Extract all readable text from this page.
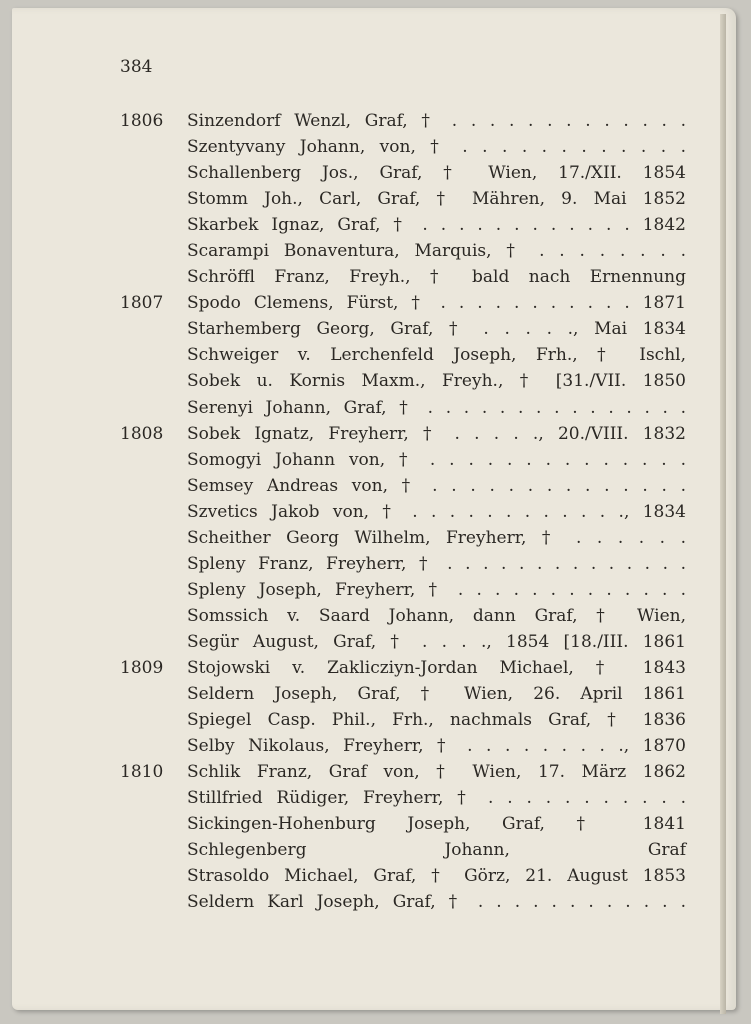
384
1806	Sinzendorf Wenzl, Graf, † . . . . . . . . . . . . .
Szentyvany Johann, von, † . . . . . . . . . . . .
Schallenberg Jos., Graf, † Wien, 17./XII. 1854
Stomm Joh., Carl, Graf, † Mähren, 9. Mai 1852
Skarbek Ignaz, Graf, † . . . . . . . . . . . . 1842
Scarampi Bonaventura, Marquis, † . . . . . . . .
Schröffl Franz, Freyh., † bald nach Ernennung
1807	Spodo Clemens, Fürst, † . . . . . . . . . . . 1871
Starhemberg Georg, Graf, † . . . . ., Mai 1834
Schweiger v. Lerchenfeld Joseph, Frh., † Ischl,
Sobek u. Kornis Maxm., Freyh., † [31./VII. 1850
Serenyi Johann, Graf, † . . . . . . . . . . . . . . .
1808	Sobek Ignatz, Freyherr, † . . . . ., 20./VIII. 1832
Somogyi Johann von, † . . . . . . . . . . . . . .
Semsey Andreas von, † . . . . . . . . . . . . . .
Szvetics Jakob von, † . . . . . . . . . . . ., 1834
Scheither Georg Wilhelm, Freyherr, † . . . . . .
Spleny Franz, Freyherr, † . . . . . . . . . . . . . .
Spleny Joseph, Freyherr, † . . . . . . . . . . . . .
Somssich v. Saard Johann, dann Graf, † Wien,
Segür August, Graf, † . . . ., 1854 [18./III. 1861
1809	Stojowski v. Zaklicziyn-Jordan Michael, † 1843
Seldern Joseph, Graf, † Wien, 26. April 1861
Spiegel Casp. Phil., Frh., nachmals Graf, † 1836
Selby Nikolaus, Freyherr, † . . . . . . . . ., 1870
1810	Schlik Franz, Graf von, † Wien, 17. März 1862
Stillfried Rüdiger, Freyherr, † . . . . . . . . . . .
Sickingen-Hohenburg Joseph, Graf, † 1841
Schlegenberg Johann, Graf
Strasoldo Michael, Graf, † Görz, 21. August 1853
Seldern Karl Joseph, Graf, † . . . . . . . . . . . .
